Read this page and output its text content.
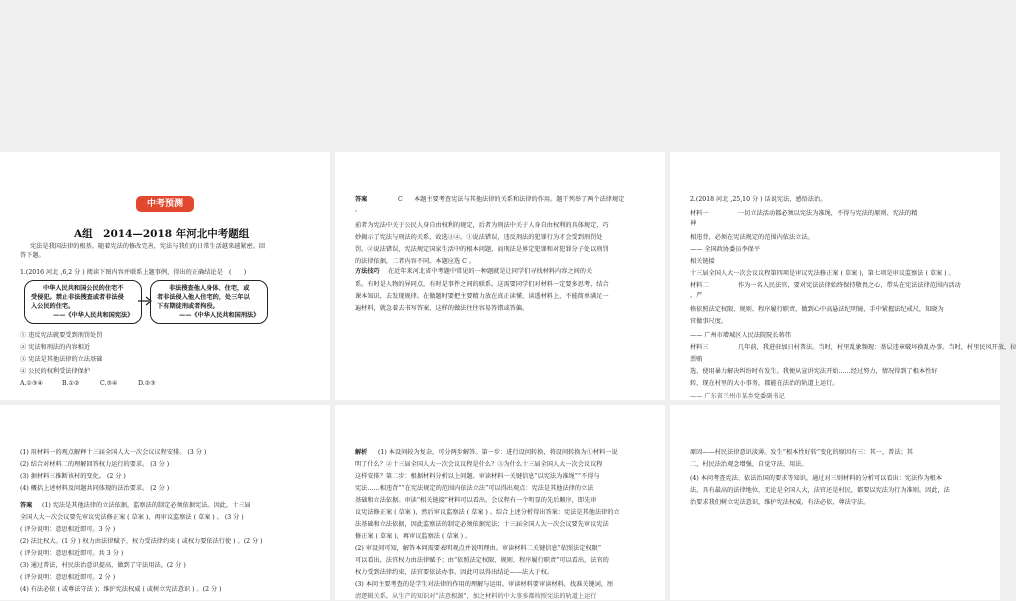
中考预测
A组　2014—2018 年河北中考题组
宪法是我国法律的根基。随着宪法的修改完善，宪法与我们的日常生活越来越紧密。回
答下题。
1.(2016 河北 ,6,2 分 ) 阅读下图内容并联系上题事例，得出的正确结论是　(　　)
中华人民共和国公民的住宅不
受侵犯。禁止非法搜查或者非法侵
入公民的住宅。
——《中华人民共和国宪法》
非法搜查他人身体、住宅，或
者非法侵入他人住宅的，处三年以
下有期徒刑或者拘役。
——《中华人民共和国刑法》
① 违反宪法就要受到刑罚处罚
② 宪法和刑法的内容相近
③ 宪法是其他法律的立法基础
④ 公民的权利受法律保护
A.①③④	B.①②	C.③④	D.②③
答案	C 本题主要考查宪法与其他法律的关系和法律的作用。题干列举了两个法律规定
，
前者为宪法中关于公民人身自由权利的规定，后者为刑法中关于人身自由权利的具体规定，巧
妙揭示了宪法与刑法的关系，故选③④。①说法错误，违反刑法的犯罪行为才会受到刑罚处
罚。②说法错误，宪法规定国家生活中的根本问题，而刑法是界定犯罪和对犯罪分子处以刑罚
的法律依据，二者内容不同。本题应选 C 。
方法技巧 在近年来河北省中考题中常见的一种题就是让同学们寻找材料内容之间的关
系。有时是人物的异同点，有时是事件之间的联系。这需要同学们对材料一定要多思考，结合
课本知识，去发现规律。在做题时要把主要精力放在真正读懂、读透材料上，不能简单满足一
遍材料，就急着去书写答案，这样的做法往往容易答错或答偏。
2.(2018 河北 ,25,10 分 ) 话说宪法，感悟法治。
材料一	一切立法活动都必须以宪法为准绳，不得与宪法的原则、宪法的精
神
相违背，必须在宪法规定的范围内依法立法。
—— 全国政协委员李保平
相关链接
十三届全国人大一次会议议程第四项是审议宪法修正案 ( 草案 )，第七项是审议监察法 ( 草案 ) 。
材料二	作为一名人民法官，要对宪法法律始终保持敬畏之心，带头在宪法法律范围内活动
，严
格依照法定权限、规则、程序履行职责，做到心中高悬法纪明镜，手中紧握法纪戒尺，知晓为
官做事尺度。
—— 广州市增城区人民法院院长蒋伟
材料三	几年前，我进驻加日村普法。当时，村里乱象频现：基层违章破坏换乱办事。当时，村里民风开放，拉
票贿
选、使用暴力解决纠纷时有发生。我便从宣讲宪法开始……经过努力，情况得到了根本性好
转，现在村里的大小事务，都能在法治的轨道上运行。
—— 广东省兰州市某乡党委副书记
(1) 用材料一的观点解释十三届全国人大一次会议议程安排。 (3 分 )
(2) 结合对材料二的理解回答权力运行的要求。 (3 分 )
(3) 据材料三推断该村的变化。 (2 分 )
(4) 概括上述材料及问题共同体现的法治要求。 (2 分 )
答案 (1) 宪法是其他法律的立法依据，监察法的制定必须依据宪法。因此，十三届
全国人大一次会议要先审议宪法修正案 ( 草案 )，再审议监察法 ( 草案 ) 。 (3 分 )
( 评分说明：意思相近即可。3 分 )
(2) 法比权大。(1 分 ) 权力由法律赋予，权力受法律约束 ( 或权力要依法行使 ) 。(2 分 )
( 评分说明：意思相近即可。共 3 分 )
(3) 通过普法，村民法治意识提高，做到了守法用法。(2 分 )
( 评分说明：意思相近即可。2 分 )
(4) 有法必依 ( 或尊法守法 )；维护宪法权威 ( 或树立宪法意识 ) 。(2 分 )
解析 (1) 本设问较为复杂，可分两步解答。第一步：进行设问转换，将设问转换为①材料一说
明了什么？②十三届全国人大一次会议议程是什么？③为什么十三届全国人大一次会议议程
这样安排？第二步：根据材料分析以上问题。审读材料一关键信息“以宪法为准绳”“不得与
宪法……相违背”“在宪法规定的范围内依法立法”可以得出观点：宪法是其他法律的立法
基础和立法依据。审读“相关链接”材料可以看出，会议程有一个明显的先后顺序，即先审
议宪法修正案 ( 草案 )，然后审议监察法 ( 草案 ) 。综合上述分析得出答案：宪法是其他法律的立
法基础和立法依据，因此监察法的制定必须依据宪法；十三届全国人大一次会议要先审议宪法
修正案 ( 草案 )，再审议监察法 ( 草案 ) 。
(2) 审设问可知，解答本问需要表明观点并说明理由。审读材料二关键信息“依照法定权限”
可以看出，法官权力由法律赋予；由“依照法定权限、规则、程序履行职责”可以看出，法官的
权力受到法律约束，法官要依法办事。因此可以得出结论——法大于权。
(3) 本问主要考查的是学生对法律的作用的理解与运用。审读材料要审读材料，找准关键词，厘
清逻辑关系。从生产的知识对“法意根源”，加之材料的中大事多都按照宪法的轨道上运行
原因——村民法律意识淡薄。发生“根本性好转”变化的原因有三：其一，普法；其
二，村民法治观念增强，自觉守法、用法。
(4) 本问考查宪法、依法治国的要求等知识。通过对三则材料的分析可以看出：宪法作为根本
法，具有最高的法律地位，无论是全国人大，法官还是村民，都要以宪法为行为准则。因此，法
治要求我们树立宪法意识，维护宪法权威，有法必依，尊法守法。
